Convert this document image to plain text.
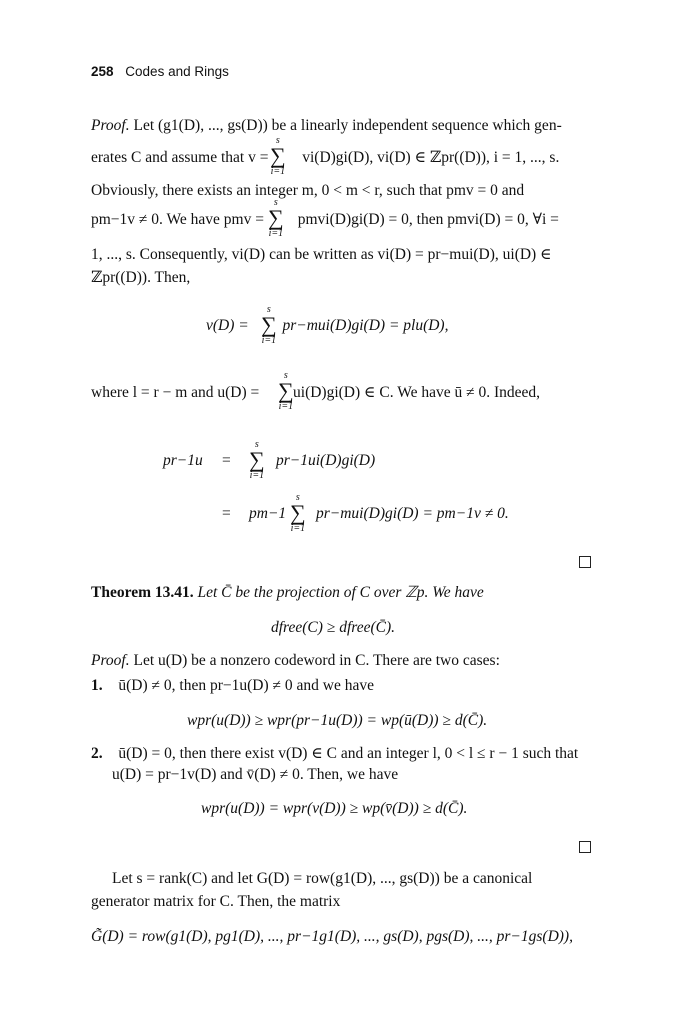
258 Codes and Rings
Proof. Let (g1(D), ..., gs(D)) be a linearly independent sequence which gen-
erates C and assume that v = vi(D)gi(D), vi(D) ∈ ℤpr((D)), i = 1, ..., s.
s
∑
i=1
Obviously, there exists an integer m, 0 < m < r, such that pmv = 0 and
pm−1v ≠ 0. We have pmv = pmvi(D)gi(D) = 0, then pmvi(D) = 0, ∀i =
s
∑
i=1
1, ..., s. Consequently, vi(D) can be written as vi(D) = pr−mui(D), ui(D) ∈
ℤpr((D)). Then,
v(D) = pr−mui(D)gi(D) = plu(D),
s
∑
i=1
where l = r − m and u(D) = ui(D)gi(D) ∈ C. We have ū ≠ 0. Indeed,
s
∑
i=1
pr−1u =
s
∑
i=1
pr−1ui(D)gi(D)
= pm−1
s
∑
i=1
pr−mui(D)gi(D) = pm−1v ≠ 0.
Theorem 13.41. Let C̄ be the projection of C over ℤp. We have
dfree(C) ≥ dfree(C̄).
Proof. Let u(D) be a nonzero codeword in C. There are two cases:
1. ū(D) ≠ 0, then pr−1u(D) ≠ 0 and we have
wpr(u(D)) ≥ wpr(pr−1u(D)) = wp(ū(D)) ≥ d(C̄).
2. ū(D) = 0, then there exist v(D) ∈ C and an integer l, 0 < l ≤ r − 1 such that
u(D) = pr−1v(D) and v̄(D) ≠ 0. Then, we have
wpr(u(D)) = wpr(v(D)) ≥ wp(v̄(D)) ≥ d(C̄).
Let s = rank(C) and let G(D) = row(g1(D), ..., gs(D)) be a canonical
generator matrix for C. Then, the matrix
G̃(D) = row(g1(D), pg1(D), ..., pr−1g1(D), ..., gs(D), pgs(D), ..., pr−1gs(D)),
